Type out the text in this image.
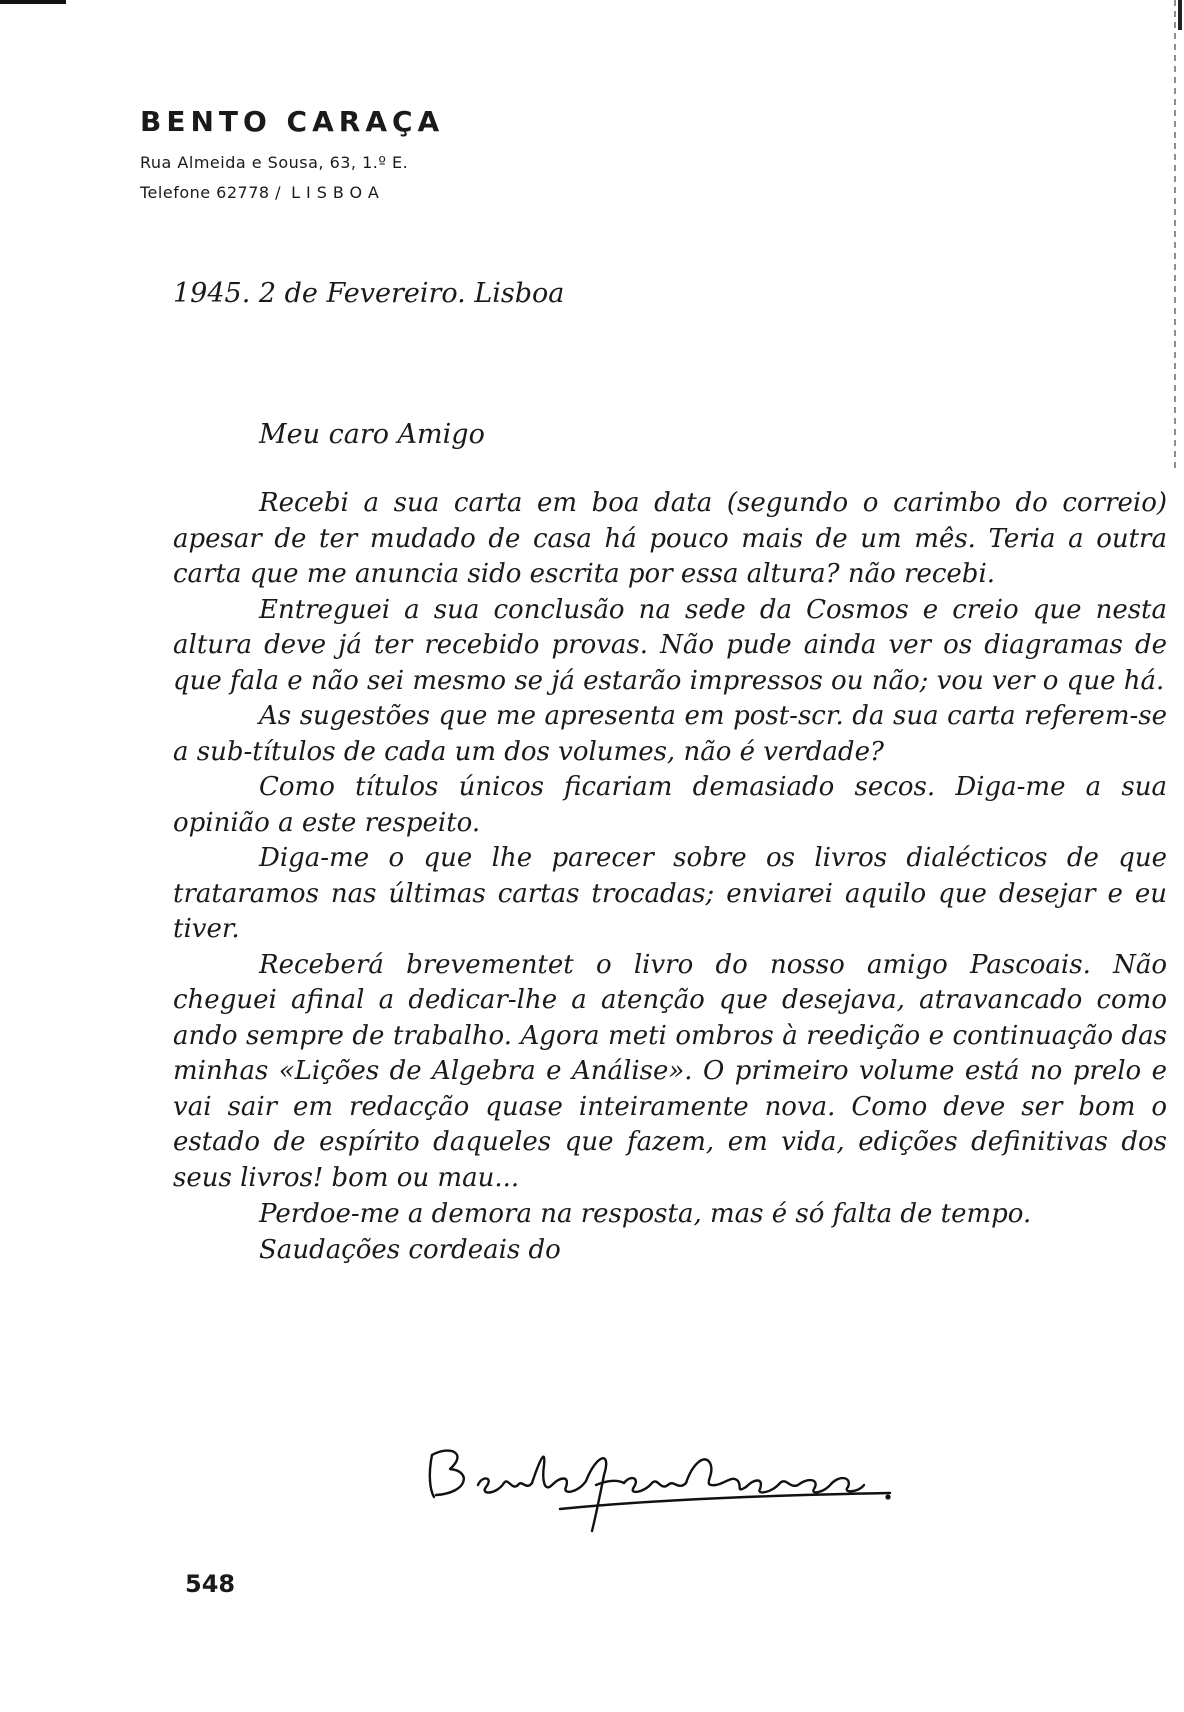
BENTO CARAÇA
Rua Almeida e Sousa, 63, 1.º E.
Telefone 62778 / LISBOA
1945. 2 de Fevereiro. Lisboa
Meu caro Amigo

Recebi a sua carta em boa data (segundo o carimbo do correio) apesar de ter mudado de casa há pouco mais de um mês. Teria a outra carta que me anuncia sido escrita por essa altura? não recebi.

Entreguei a sua conclusão na sede da Cosmos e creio que nesta altura deve já ter recebido provas. Não pude ainda ver os diagramas de que fala e não sei mesmo se já estarão impressos ou não; vou ver o que há.

As sugestões que me apresenta em post-scr. da sua carta referem-se a sub-títulos de cada um dos volumes, não é verdade?

Como títulos únicos ficariam demasiado secos. Diga-me a sua opinião a este respeito.

Diga-me o que lhe parecer sobre os livros dialécticos de que trataramos nas últimas cartas trocadas; enviarei aquilo que desejar e eu tiver.

Receberá brevementet o livro do nosso amigo Pascoais. Não cheguei afinal a dedicar-lhe a atenção que desejava, atravancado como ando sempre de trabalho. Agora meti ombros à reedição e continuação das minhas «Lições de Algebra e Análise». O primeiro volume está no prelo e vai sair em redacção quase inteiramente nova. Como deve ser bom o estado de espírito daqueles que fazem, em vida, edições definitivas dos seus livros! bom ou mau...

Perdoe-me a demora na resposta, mas é só falta de tempo.

Saudações cordeais do

548
